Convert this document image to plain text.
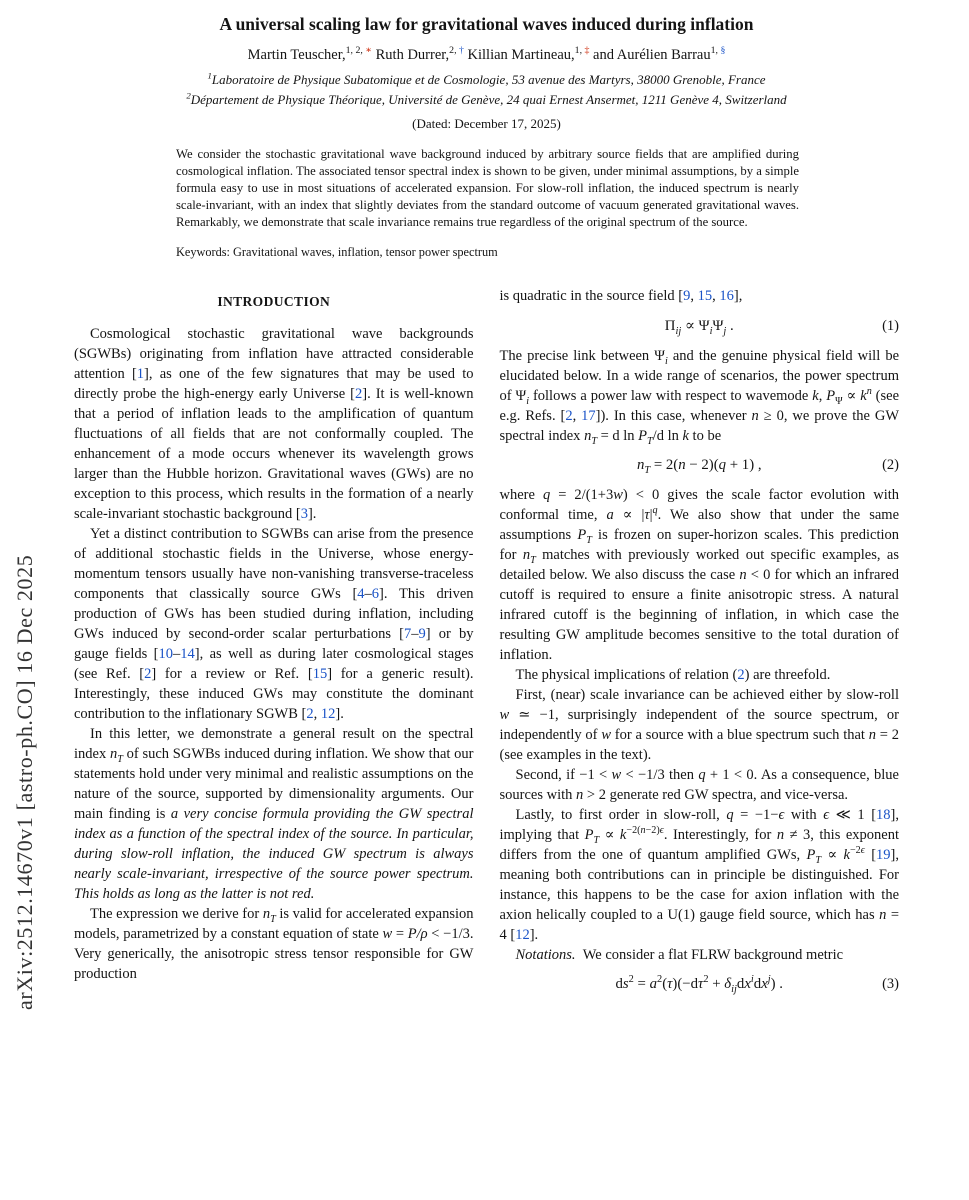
arXiv:2512.14670v1 [astro-ph.CO] 16 Dec 2025
A universal scaling law for gravitational waves induced during inflation
Martin Teuscher,$^{1, 2, ∗}$ Ruth Durrer,$^{2, \dagger}$ Killian Martineau,$^{1, \ddagger}$ and Aurélien Barrau$^{1, \S}$
$^1$Laboratoire de Physique Subatomique et de Cosmologie, 53 avenue des Martyrs, 38000 Grenoble, France
$^2$Département de Physique Théorique, Université de Genève, 24 quai Ernest Ansermet, 1211 Genève 4, Switzerland
(Dated: December 17, 2025)
We consider the stochastic gravitational wave background induced by arbitrary source fields that are amplified during cosmological inflation. The associated tensor spectral index is shown to be given, under minimal assumptions, by a simple formula easy to use in most situations of accelerated expansion. For slow-roll inflation, the induced spectrum is nearly scale-invariant, with an index that slightly deviates from the standard outcome of vacuum generated gravitational waves. Remarkably, we demonstrate that scale invariance remains true regardless of the original spectrum of the source.
Keywords: Gravitational waves, inflation, tensor power spectrum
INTRODUCTION

Cosmological stochastic gravitational wave backgrounds (SGWBs) originating from inflation have attracted considerable attention [1], as one of the few signatures that may be used to directly probe the high-energy early Universe [2]. It is well-known that a period of inflation leads to the amplification of quantum fluctuations of all fields that are not conformally coupled. The enhancement of a mode occurs whenever its wavelength grows larger than the Hubble horizon. Gravitational waves (GWs) are no exception to this process, which results in the formation of a nearly scale-invariant stochastic background [3].

Yet a distinct contribution to SGWBs can arise from the presence of additional stochastic fields in the Universe, whose energy-momentum tensors usually have non-vanishing transverse-traceless components that classically source GWs [4–6]. This driven production of GWs has been studied during inflation, including GWs induced by second-order scalar perturbations [7–9] or by gauge fields [10–14], as well as during later cosmological stages (see Ref. [2] for a review or Ref. [15] for a generic result). Interestingly, these induced GWs may constitute the dominant contribution to the inflationary SGWB [2, 12].

In this letter, we demonstrate a general result on the spectral index $n_T$ of such SGWBs induced during inflation. We show that our statements hold under very minimal and realistic assumptions on the nature of the source, supported by dimensionality arguments. Our main finding is a very concise formula providing the GW spectral index as a function of the spectral index of the source. In particular, during slow-roll inflation, the induced GW spectrum is always nearly scale-invariant, irrespective of the source power spectrum. This holds as long as the latter is not red.

The expression we derive for $n_T$ is valid for accelerated expansion models, parametrized by a constant equation of state w = P/ρ < −1/3. Very generically, the anisotropic stress tensor responsible for GW production

is quadratic in the source field [9, 15, 16],

$\Pi_{ij} \propto \Psi_i\Psi_j$ .	(1)

The precise link between $\Psi_i$ and the genuine physical field will be elucidated below. In a wide range of scenarios, the power spectrum of $\Psi_i$ follows a power law with respect to wavemode k, $P_\Psi \propto k^n$ (see e.g. Refs. [2, 17]). In this case, whenever n ≥ 0, we prove the GW spectral index $n_T = d$ $\ln P_T/d$ ln k to be

$n_T = 2(n - 2)(q + 1)$ ,	(2)

where q = 2/(1+3w) < 0 gives the scale factor evolution with conformal time, $a \propto |\tau|^q$. We also show that under the same assumptions $P_T$ is frozen on super-horizon scales. This prediction for $n_T$ matches with previously worked out specific examples, as detailed below. We also discuss the case n < 0 for which an infrared cutoff is required to ensure a finite anisotropic stress. A natural infrared cutoff is the beginning of inflation, in which case the resulting GW amplitude becomes sensitive to the total duration of inflation.

The physical implications of relation (2) are threefold.

First, (near) scale invariance can be achieved either by slow-roll w ≃ −1, surprisingly independent of the source spectrum, or independently of w for a source with a blue spectrum such that n = 2 (see examples in the text).

Second, if −1 < w < −1/3 then q + 1 < 0. As a consequence, blue sources with n > 2 generate red GW spectra, and vice-versa.

Lastly, to first order in slow-roll, q = −1−ϵ with ϵ ≪ 1 [18], implying that $P_T \propto k^{-2(n-2)\epsilon}$. Interestingly, for n ≠ 3, this exponent differs from the one of quantum amplified GWs, $P_T \propto k^{-2\epsilon}$ [19], meaning both contributions can in principle be distinguished. For instance, this happens to be the case for axion inflation with the axion helically coupled to a U(1) gauge field source, which has n = 4 [12].

Notations.  We consider a flat FLRW background metric

$ds^2 = a^2(\tau)(-d\tau^2 + \delta_{ij}dx^idx^j)$ .	(3)
